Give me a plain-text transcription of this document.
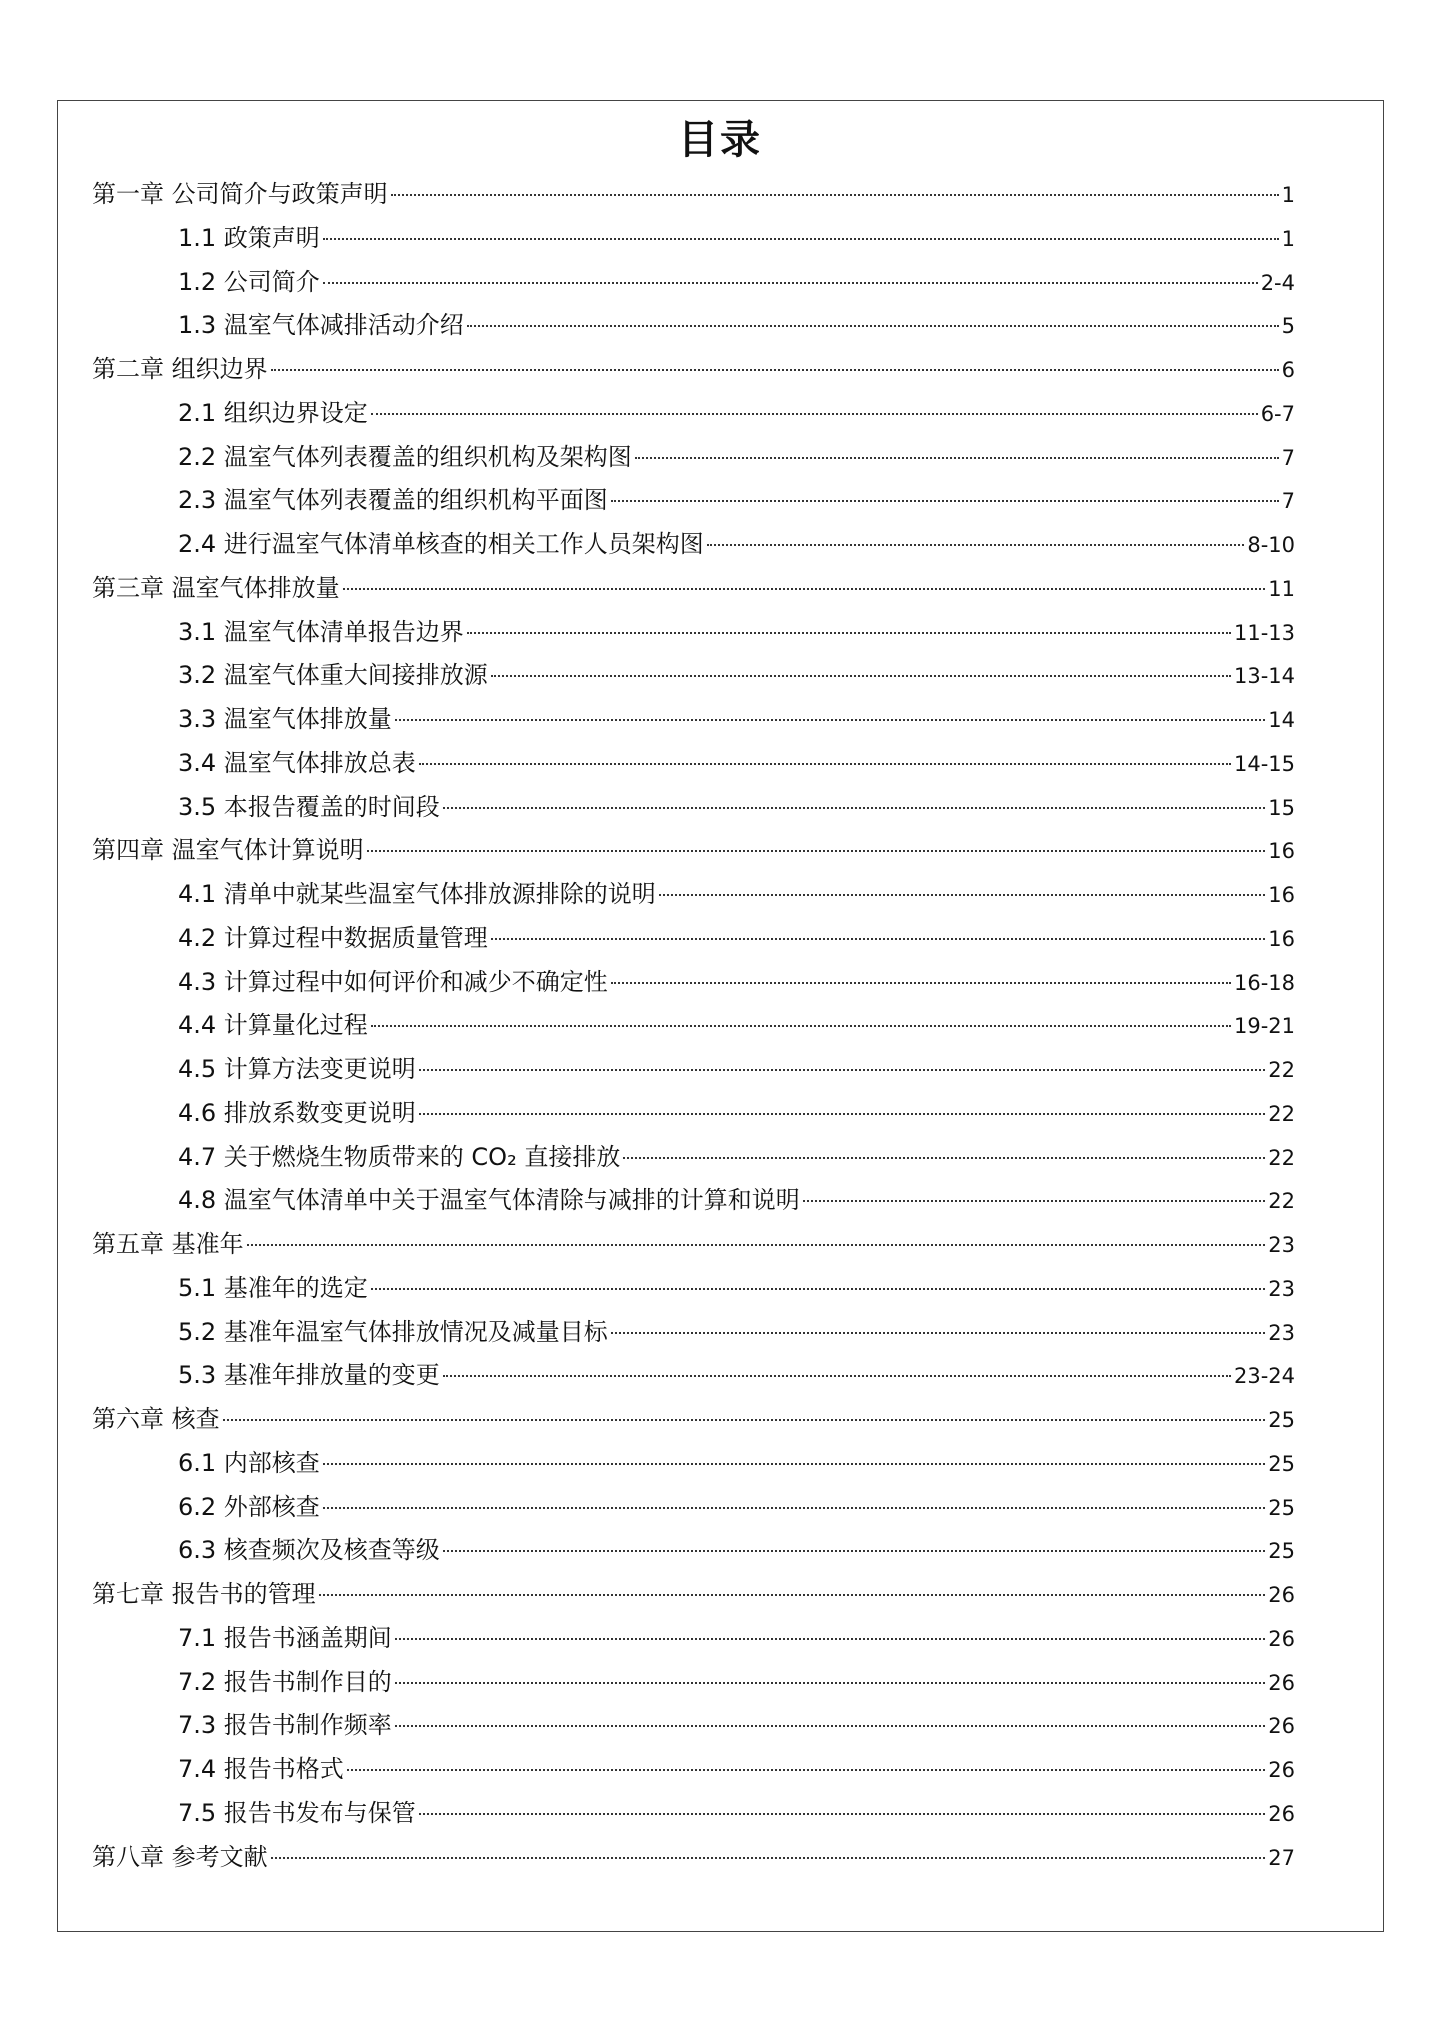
目录
第一章 公司简介与政策声明	1
1.1 政策声明	1
1.2 公司简介	2-4
1.3 温室气体减排活动介绍	5
第二章 组织边界	6
2.1 组织边界设定	6-7
2.2 温室气体列表覆盖的组织机构及架构图	7
2.3 温室气体列表覆盖的组织机构平面图	7
2.4 进行温室气体清单核查的相关工作人员架构图	8-10
第三章 温室气体排放量	11
3.1 温室气体清单报告边界	11-13
3.2 温室气体重大间接排放源	13-14
3.3 温室气体排放量	14
3.4 温室气体排放总表	14-15
3.5 本报告覆盖的时间段	15
第四章 温室气体计算说明	16
4.1 清单中就某些温室气体排放源排除的说明	16
4.2 计算过程中数据质量管理	16
4.3 计算过程中如何评价和减少不确定性	16-18
4.4 计算量化过程	19-21
4.5 计算方法变更说明	22
4.6 排放系数变更说明	22
4.7 关于燃烧生物质带来的 CO₂ 直接排放	22
4.8 温室气体清单中关于温室气体清除与减排的计算和说明	22
第五章 基准年	23
5.1 基准年的选定	23
5.2 基准年温室气体排放情况及减量目标	23
5.3 基准年排放量的变更	23-24
第六章 核查	25
6.1 内部核查	25
6.2 外部核查	25
6.3 核查频次及核查等级	25
第七章 报告书的管理	26
7.1 报告书涵盖期间	26
7.2 报告书制作目的	26
7.3 报告书制作频率	26
7.4 报告书格式	26
7.5 报告书发布与保管	26
第八章 参考文献	27
